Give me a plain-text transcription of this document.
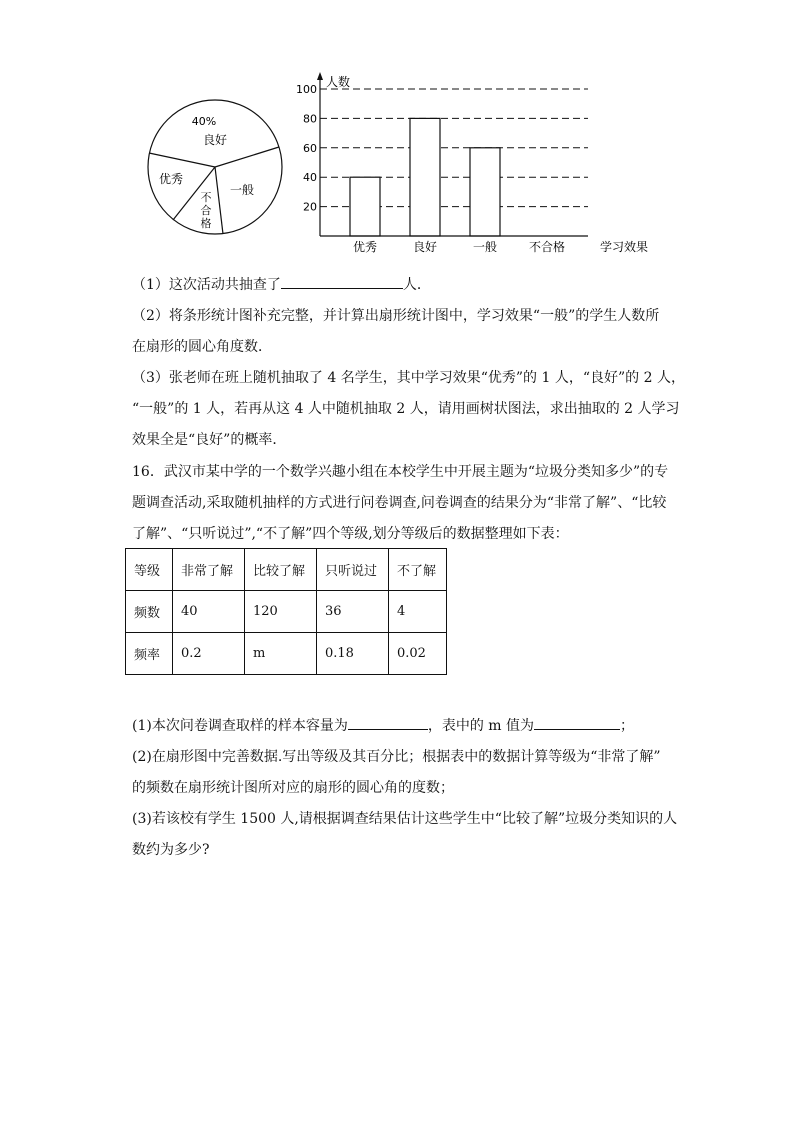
40%
良好
一般
优秀
不
合
格
20
40
60
80
100
优秀	良好	一般	不合格
人数
学习效果
（1）这次活动共抽查了	人．
（2）将条形统计图补充完整，并计算出扇形统计图中，学习效果“一般”的学生人数所
在扇形的圆心角度数．
（3）张老师在班上随机抽取了 4 名学生，其中学习效果“优秀”的 1 人，“良好”的 2 人，
“一般”的 1 人，若再从这 4 人中随机抽取 2 人，请用画树状图法，求出抽取的 2 人学习
效果全是“良好”的概率．
16．武汉市某中学的一个数学兴趣小组在本校学生中开展主题为“垃圾分类知多少”的专
题调查活动,采取随机抽样的方式进行问卷调查,问卷调查的结果分为“非常了解”、“比较
了解”、“只听说过”,“不了解”四个等级,划分等级后的数据整理如下表：
等级	非常了解	比较了解	只听说过	不了解
频数	40	120	36	4
频率	0.2	m	0.18	0.02
(1)本次问卷调查取样的样本容量为	，表中的 m 值为	；
(2)在扇形图中完善数据.写出等级及其百分比；根据表中的数据计算等级为“非常了解”
的频数在扇形统计图所对应的扇形的圆心角的度数；
(3)若该校有学生 1500 人,请根据调查结果估计这些学生中“比较了解”垃圾分类知识的人
数约为多少?
